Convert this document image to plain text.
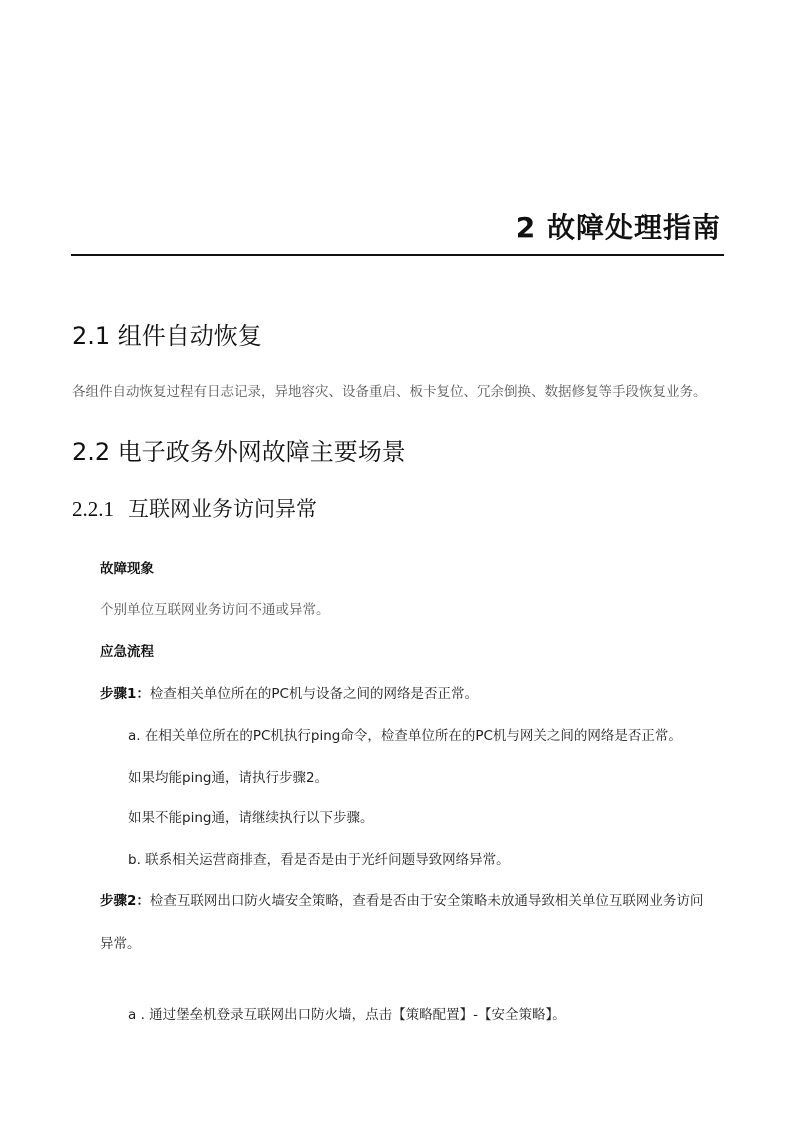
2 故障处理指南
2.1 组件自动恢复
各组件自动恢复过程有日志记录，异地容灾、设备重启、板卡复位、冗余倒换、数据修复等手段恢复业务。
2.2 电子政务外网故障主要场景
2.2.1 互联网业务访问异常
故障现象
个别单位互联网业务访问不通或异常。
应急流程
步骤1：检查相关单位所在的PC机与设备之间的网络是否正常。
a. 在相关单位所在的PC机执行ping命令，检查单位所在的PC机与网关之间的网络是否正常。
如果均能ping通，请执行步骤2。
如果不能ping通，请继续执行以下步骤。
b. 联系相关运营商排查，看是否是由于光纤问题导致网络异常。
步骤2：检查互联网出口防火墙安全策略，查看是否由于安全策略未放通导致相关单位互联网业务访问
异常。
a . 通过堡垒机登录互联网出口防火墙，点击【策略配置】-【安全策略】。
